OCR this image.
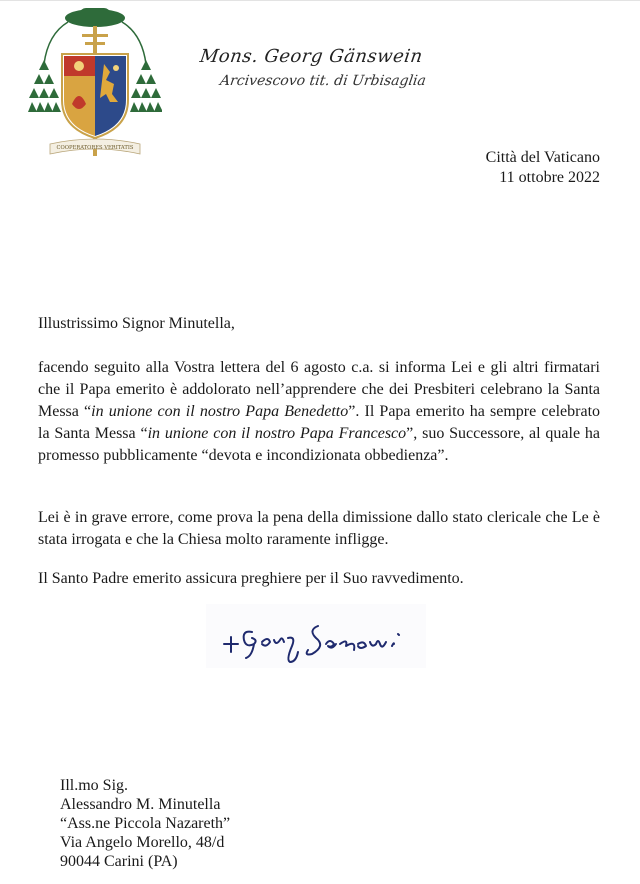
COOPERATORES VERITATIS
Mons. Georg Gänswein
Arcivescovo tit. di Urbisaglia
Città del Vaticano
11 ottobre 2022
Illustrissimo Signor Minutella,
facendo seguito alla Vostra lettera del 6 agosto c.a. si informa Lei e gli altri firmatari che il Papa emerito è addolorato nell’apprendere che dei Presbiteri celebrano la Santa Messa “in unione con il nostro Papa Benedetto”. Il Papa emerito ha sempre celebrato la Santa Messa “in unione con il nostro Papa Francesco”, suo Successore, al quale ha promesso pubblicamente “devota e incondizionata obbedienza”.
Lei è in grave errore, come prova la pena della dimissione dallo stato clericale che Le è stata irrogata e che la Chiesa molto raramente infligge.
Il Santo Padre emerito assicura preghiere per il Suo ravvedimento.
Ill.mo Sig.
Alessandro M. Minutella
“Ass.ne Piccola Nazareth”
Via Angelo Morello, 48/d
90044 Carini (PA)
